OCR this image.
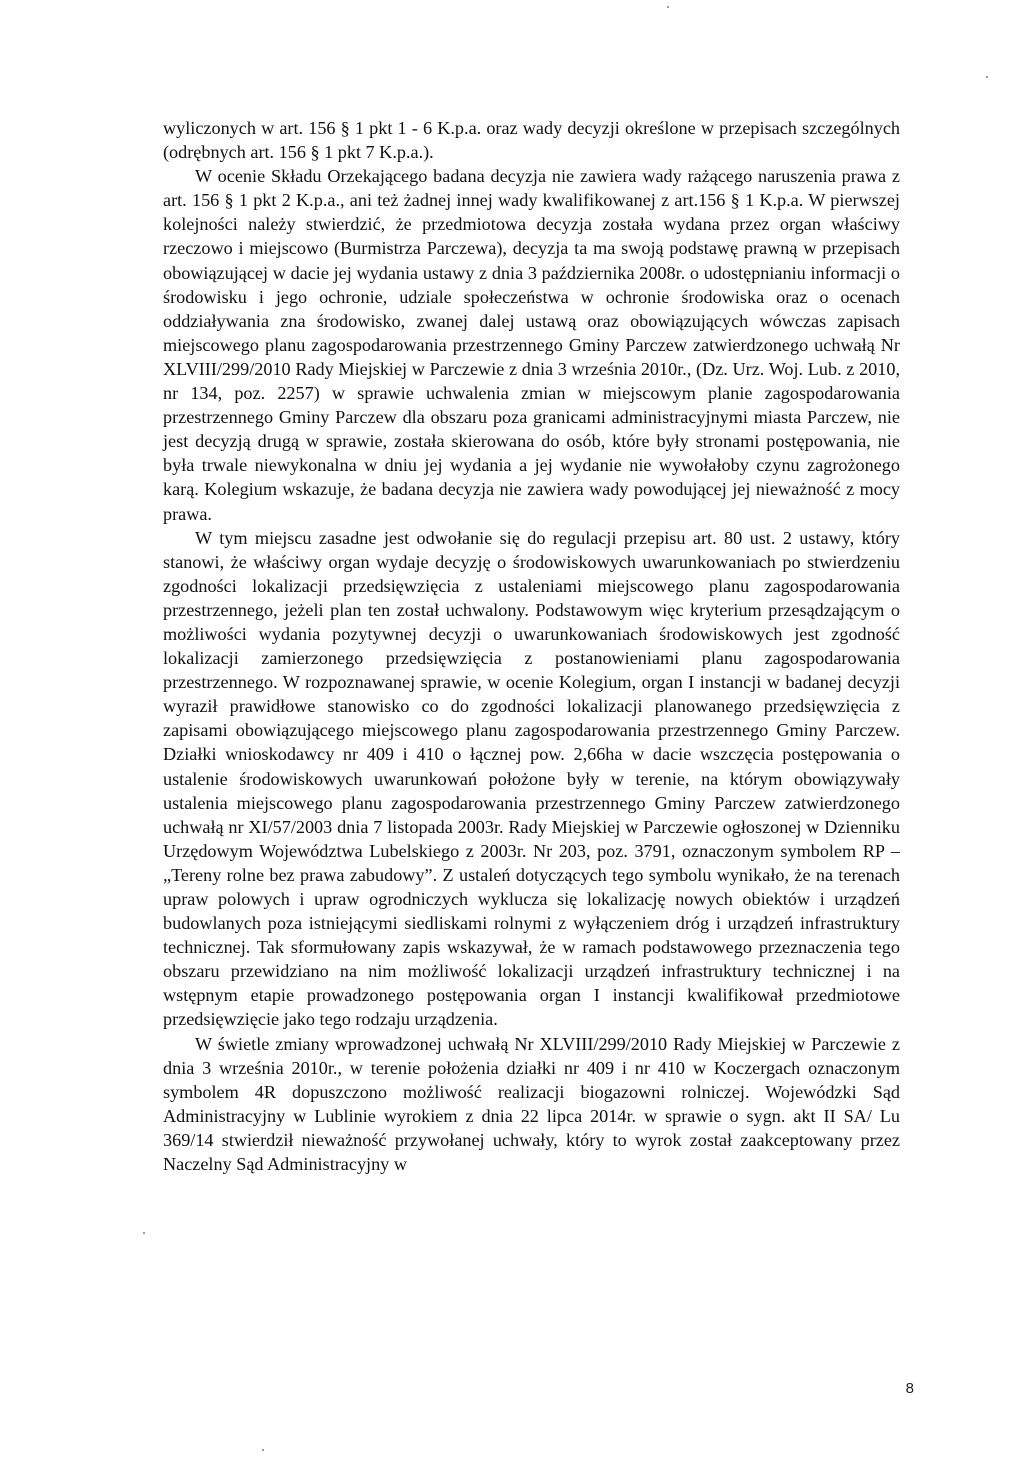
wyliczonych w art. 156 § 1 pkt 1 - 6 K.p.a. oraz wady decyzji określone w przepisach szczególnych (odrębnych art. 156 § 1 pkt 7 K.p.a.).

W ocenie Składu Orzekającego badana decyzja nie zawiera wady rażącego naruszenia prawa z art. 156 § 1 pkt 2 K.p.a., ani też żadnej innej wady kwalifikowanej z art.156 § 1 K.p.a. W pierwszej kolejności należy stwierdzić, że przedmiotowa decyzja została wydana przez organ właściwy rzeczowo i miejscowo (Burmistrza Parczewa), decyzja ta ma swoją podstawę prawną w przepisach obowiązującej w dacie jej wydania ustawy z dnia 3 października 2008r. o udostępnianiu informacji o środowisku i jego ochronie, udziale społeczeństwa w ochronie środowiska oraz o ocenach oddziaływania zna środowisko, zwanej dalej ustawą oraz obowiązujących wówczas zapisach miejscowego planu zagospodarowania przestrzennego Gminy Parczew zatwierdzonego uchwałą Nr XLVIII/299/2010 Rady Miejskiej w Parczewie z dnia 3 września 2010r., (Dz. Urz. Woj. Lub. z 2010, nr 134, poz. 2257) w sprawie uchwalenia zmian w miejscowym planie zagospodarowania przestrzennego Gminy Parczew dla obszaru poza granicami administracyjnymi miasta Parczew, nie jest decyzją drugą w sprawie, została skierowana do osób, które były stronami postępowania, nie była trwale niewykonalna w dniu jej wydania a jej wydanie nie wywołałoby czynu zagrożonego karą. Kolegium wskazuje, że badana decyzja nie zawiera wady powodującej jej nieważność z mocy prawa.

W tym miejscu zasadne jest odwołanie się do regulacji przepisu art. 80 ust. 2 ustawy, który stanowi, że właściwy organ wydaje decyzję o środowiskowych uwarunkowaniach po stwierdzeniu zgodności lokalizacji przedsięwzięcia z ustaleniami miejscowego planu zagospodarowania przestrzennego, jeżeli plan ten został uchwalony. Podstawowym więc kryterium przesądzającym o możliwości wydania pozytywnej decyzji o uwarunkowaniach środowiskowych jest zgodność lokalizacji zamierzonego przedsięwzięcia z postanowieniami planu zagospodarowania przestrzennego. W rozpoznawanej sprawie, w ocenie Kolegium, organ I instancji w badanej decyzji wyraził prawidłowe stanowisko co do zgodności lokalizacji planowanego przedsięwzięcia z zapisami obowiązującego miejscowego planu zagospodarowania przestrzennego Gminy Parczew. Działki wnioskodawcy nr 409 i 410 o łącznej pow. 2,66ha w dacie wszczęcia postępowania o ustalenie środowiskowych uwarunkowań położone były w terenie, na którym obowiązywały ustalenia miejscowego planu zagospodarowania przestrzennego Gminy Parczew zatwierdzonego uchwałą nr XI/57/2003 dnia 7 listopada 2003r. Rady Miejskiej w Parczewie ogłoszonej w Dzienniku Urzędowym Województwa Lubelskiego z 2003r. Nr 203, poz. 3791, oznaczonym symbolem RP –„Tereny rolne bez prawa zabudowy”. Z ustaleń dotyczących tego symbolu wynikało, że na terenach upraw polowych i upraw ogrodniczych wyklucza się lokalizację nowych obiektów i urządzeń budowlanych poza istniejącymi siedliskami rolnymi z wyłączeniem dróg i urządzeń infrastruktury technicznej. Tak sformułowany zapis wskazywał, że w ramach podstawowego przeznaczenia tego obszaru przewidziano na nim możliwość lokalizacji urządzeń infrastruktury technicznej i na wstępnym etapie prowadzonego postępowania organ I instancji kwalifikował przedmiotowe przedsięwzięcie jako tego rodzaju urządzenia.

W świetle zmiany wprowadzonej uchwałą Nr XLVIII/299/2010 Rady Miejskiej w Parczewie z dnia 3 września 2010r., w terenie położenia działki nr 409 i nr 410 w Koczergach oznaczonym symbolem 4R dopuszczono możliwość realizacji biogazowni rolniczej. Wojewódzki Sąd Administracyjny w Lublinie wyrokiem z dnia 22 lipca 2014r. w sprawie o sygn. akt II SA/ Lu 369/14 stwierdził nieważność przywołanej uchwały, który to wyrok został zaakceptowany przez Naczelny Sąd Administracyjny w

8
